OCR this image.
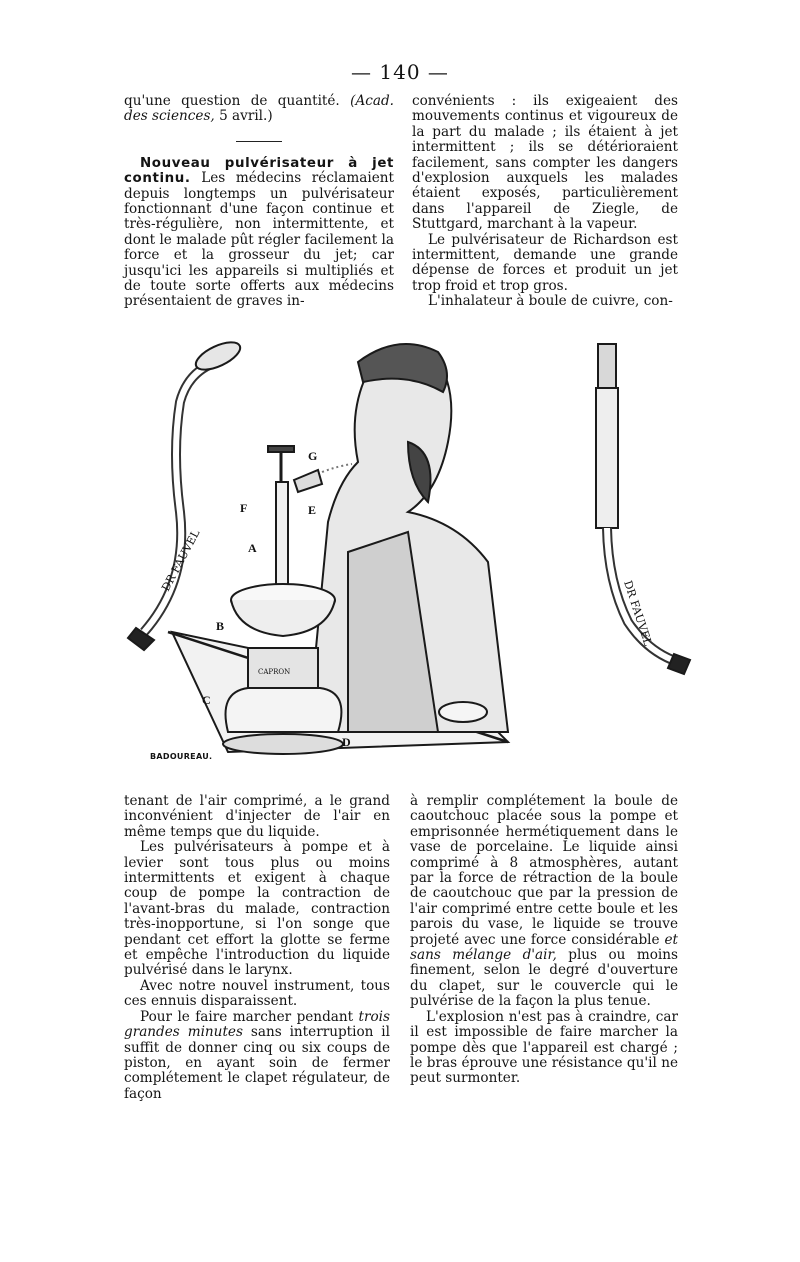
— 140 —

qu'une question de quantité. (Acad. des sciences, 5 avril.)

Nouveau pulvérisateur à jet continu. Les médecins réclamaient depuis longtemps un pulvérisateur fonctionnant d'une façon continue et très-régulière, non intermittente, et dont le malade pût régler facilement la force et la grosseur du jet; car jusqu'ici les appareils si multipliés et de toute sorte offerts aux médecins présentaient de graves in-

convénients : ils exigeaient des mouvements continus et vigoureux de la part du malade ; ils étaient à jet intermittent ; ils se détérioraient facilement, sans compter les dangers d'explosion auxquels les malades étaient exposés, particulièrement dans l'appareil de Ziegle, de Stuttgard, marchant à la vapeur.

Le pulvérisateur de Richardson est intermittent, demande une grande dépense de forces et produit un jet trop froid et trop gros.

L'inhalateur à boule de cuivre, con-

DR FAUVEL
DR FAUVEL
CAPRON
G
F	E
A
B
C
D
BADOUREAU.

tenant de l'air comprimé, a le grand inconvénient d'injecter de l'air en même temps que du liquide.

Les pulvérisateurs à pompe et à levier sont tous plus ou moins intermittents et exigent à chaque coup de pompe la contraction de l'avant-bras du malade, contraction très-inopportune, si l'on songe que pendant cet effort la glotte se ferme et empêche l'introduction du liquide pulvérisé dans le larynx.

Avec notre nouvel instrument, tous ces ennuis disparaissent.

Pour le faire marcher pendant trois grandes minutes sans interruption il suffit de donner cinq ou six coups de piston, en ayant soin de fermer complétement le clapet régulateur, de façon

à remplir complétement la boule de caoutchouc placée sous la pompe et emprisonnée hermétiquement dans le vase de porcelaine. Le liquide ainsi comprimé à 8 atmosphères, autant par la force de rétraction de la boule de caoutchouc que par la pression de l'air comprimé entre cette boule et les parois du vase, le liquide se trouve projeté avec une force considérable et sans mélange d'air, plus ou moins finement, selon le degré d'ouverture du clapet, sur le couvercle qui le pulvérise de la façon la plus tenue.

L'explosion n'est pas à craindre, car il est impossible de faire marcher la pompe dès que l'appareil est chargé ; le bras éprouve une résistance qu'il ne peut surmonter.
